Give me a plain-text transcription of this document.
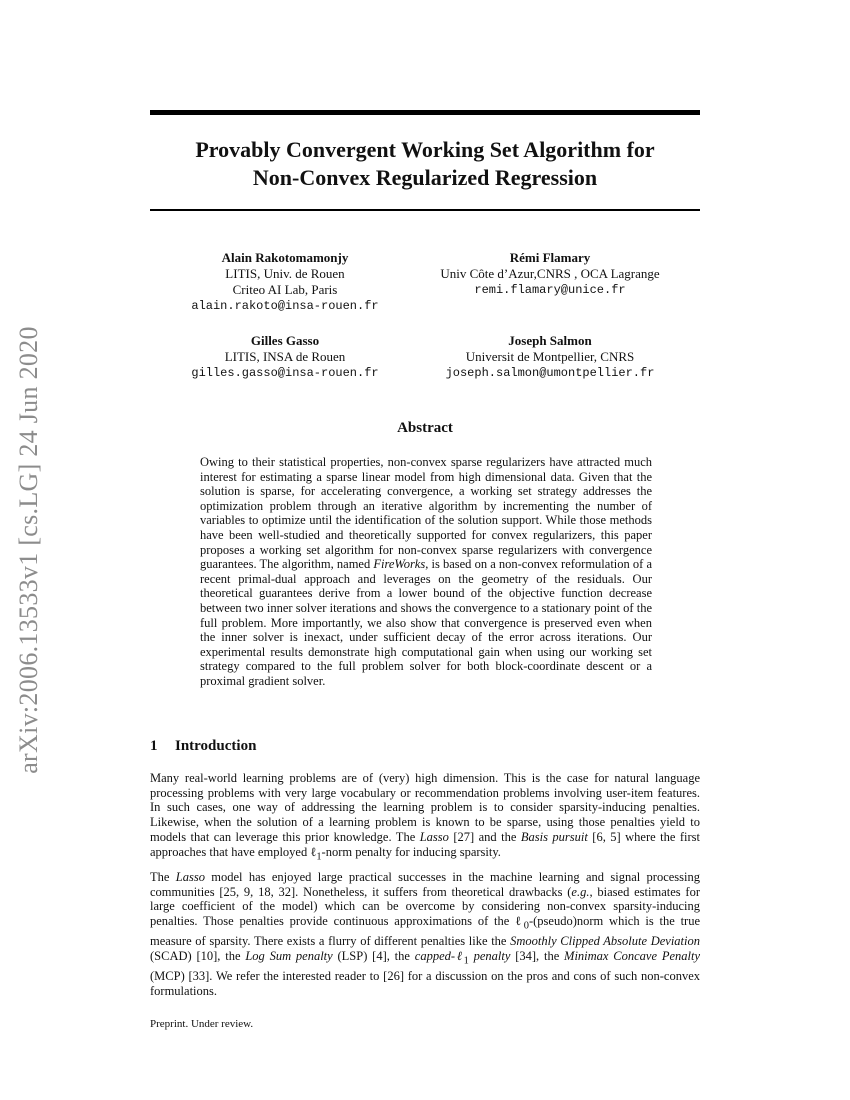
arXiv:2006.13533v1 [cs.LG] 24 Jun 2020
Provably Convergent Working Set Algorithm for
Non-Convex Regularized Regression
Alain Rakotomamonjy
LITIS, Univ. de Rouen
Criteo AI Lab, Paris
alain.rakoto@insa-rouen.fr
Rémi Flamary
Univ Côte d’Azur,CNRS , OCA Lagrange
remi.flamary@unice.fr
Gilles Gasso
LITIS, INSA de Rouen
gilles.gasso@insa-rouen.fr
Joseph Salmon
Universit de Montpellier, CNRS
joseph.salmon@umontpellier.fr
Abstract
Owing to their statistical properties, non-convex sparse regularizers have attracted much interest for estimating a sparse linear model from high dimensional data. Given that the solution is sparse, for accelerating convergence, a working set strategy addresses the optimization problem through an iterative algorithm by incrementing the number of variables to optimize until the identification of the solution support. While those methods have been well-studied and theoretically supported for convex regularizers, this paper proposes a working set algorithm for non-convex sparse regularizers with convergence guarantees. The algorithm, named FireWorks, is based on a non-convex reformulation of a recent primal-dual approach and leverages on the geometry of the residuals. Our theoretical guarantees derive from a lower bound of the objective function decrease between two inner solver iterations and shows the convergence to a stationary point of the full problem. More importantly, we also show that convergence is preserved even when the inner solver is inexact, under sufficient decay of the error across iterations. Our experimental results demonstrate high computational gain when using our working set strategy compared to the full problem solver for both block-coordinate descent or a proximal gradient solver.
1 Introduction
Many real-world learning problems are of (very) high dimension. This is the case for natural language processing problems with very large vocabulary or recommendation problems involving user-item features. In such cases, one way of addressing the learning problem is to consider sparsity-inducing penalties. Likewise, when the solution of a learning problem is known to be sparse, using those penalties yield to models that can leverage this prior knowledge. The Lasso [27] and the Basis pursuit [6, 5] where the first approaches that have employed ℓ$_1$-norm penalty for inducing sparsity.
The Lasso model has enjoyed large practical successes in the machine learning and signal processing communities [25, 9, 18, 32]. Nonetheless, it suffers from theoretical drawbacks (e.g., biased estimates for large coefficient of the model) which can be overcome by considering non-convex sparsity-inducing penalties. Those penalties provide continuous approximations of the ℓ$_0$-(pseudo)norm which is the true measure of sparsity. There exists a flurry of different penalties like the Smoothly Clipped Absolute Deviation (SCAD) [10], the Log Sum penalty (LSP) [4], the capped-ℓ$_1$ penalty [34], the Minimax Concave Penalty (MCP) [33]. We refer the interested reader to [26] for a discussion on the pros and cons of such non-convex formulations.
Preprint. Under review.
